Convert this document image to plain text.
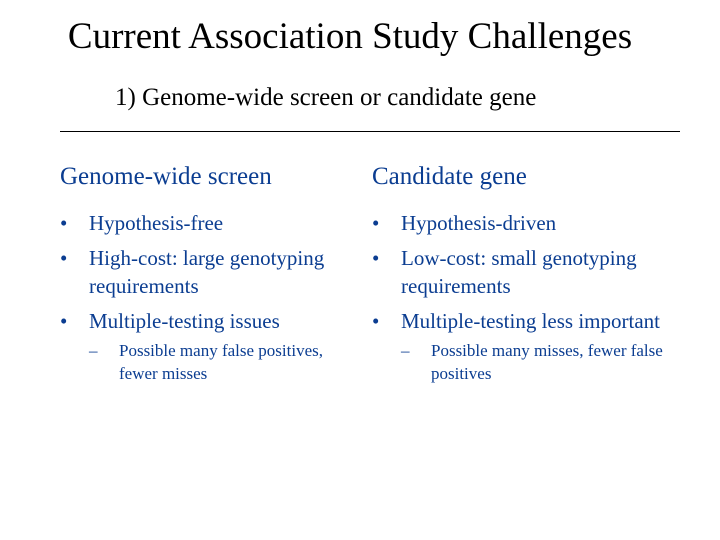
Current Association Study Challenges
1) Genome-wide screen or candidate gene
Genome-wide screen
•	Hypothesis-free
•	High-cost: large genotyping requirements
•	Multiple-testing issues
– Possible many false positives, fewer misses
Candidate gene
•	Hypothesis-driven
•	Low-cost: small genotyping requirements
•	Multiple-testing less important
– Possible many misses, fewer false positives
